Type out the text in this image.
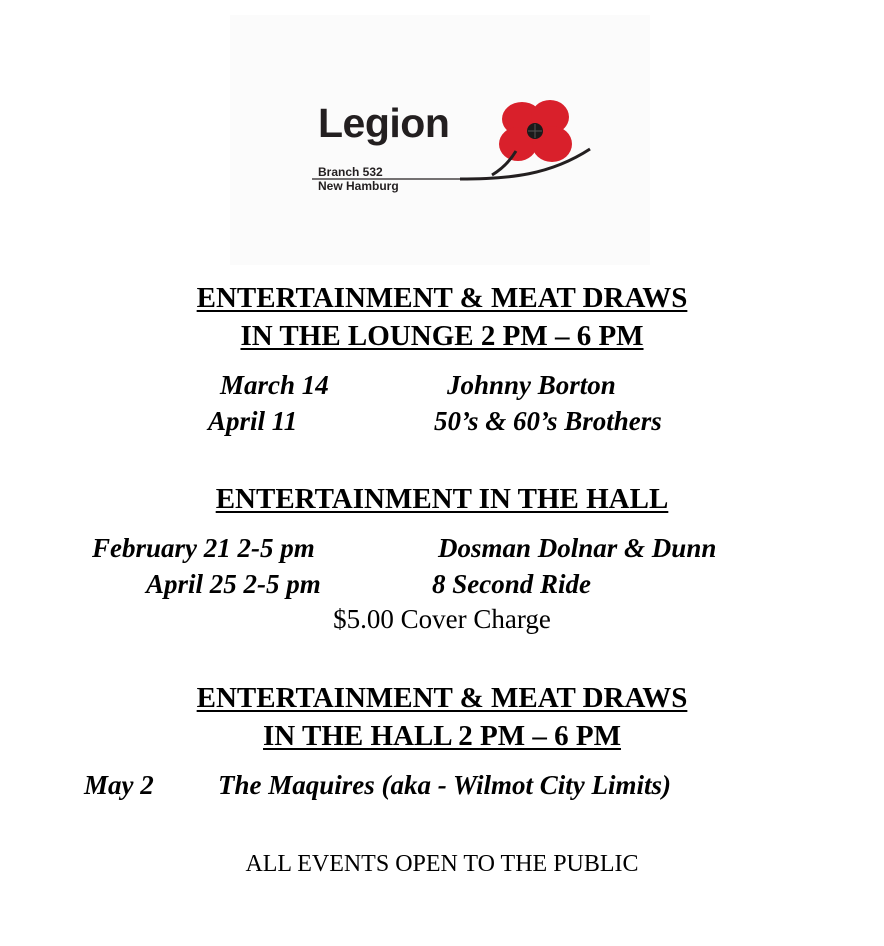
Legion
Branch 532
New Hamburg
ENTERTAINMENT & MEAT DRAWS
IN THE LOUNGE 2 PM – 6 PM
March 14	Johnny Borton
April 11	50’s & 60’s Brothers
ENTERTAINMENT IN THE HALL
February 21 2-5 pm	Dosman Dolnar & Dunn
April 25 2-5 pm	8 Second Ride
$5.00 Cover Charge
ENTERTAINMENT & MEAT DRAWS
IN THE HALL 2 PM – 6 PM
May 2 The Maquires (aka - Wilmot City Limits)
ALL EVENTS OPEN TO THE PUBLIC
